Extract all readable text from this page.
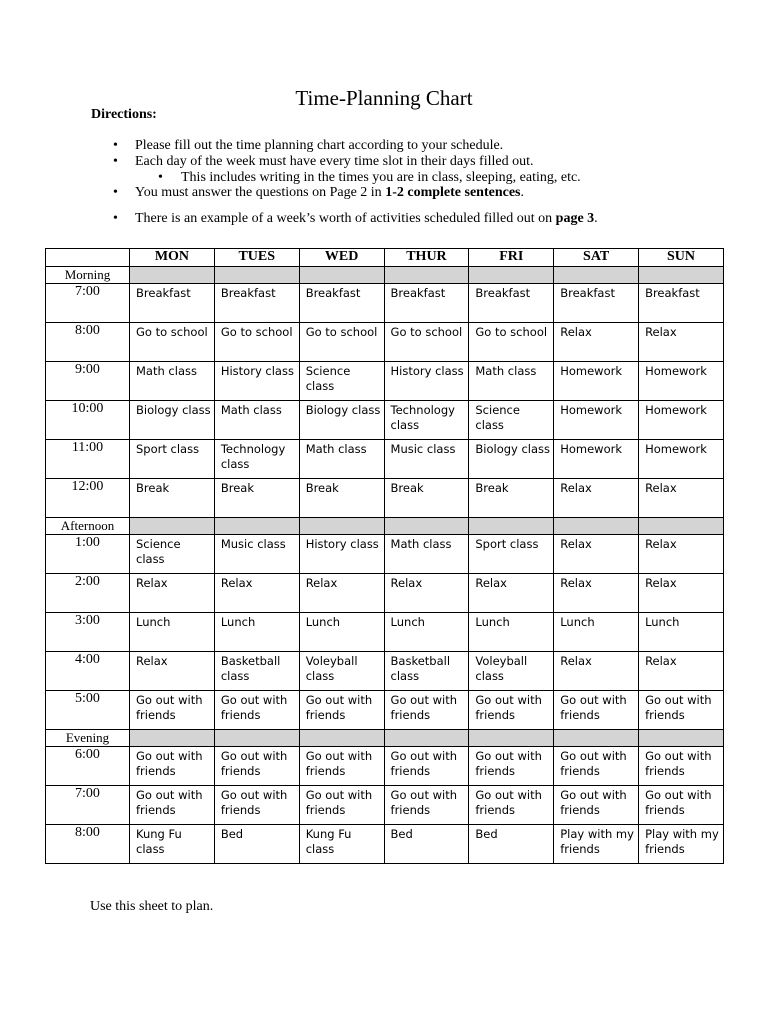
Time-Planning Chart
Directions:
• Please fill out the time planning chart according to your schedule.
• Each day of the week must have every time slot in their days filled out.
• This includes writing in the times you are in class, sleeping, eating, etc.
• You must answer the questions on Page 2 in 1-2 complete sentences.
• There is an example of a week’s worth of activities scheduled filled out on page 3.
	MON	TUES	WED	THUR	FRI	SAT	SUN
Morning							
7:00	Breakfast	Breakfast	Breakfast	Breakfast	Breakfast	Breakfast	Breakfast
8:00	Go to school	Go to school	Go to school	Go to school	Go to school	Relax	Relax
9:00	Math class	History class	Science class	History class	Math class	Homework	Homework
10:00	Biology class	Math class	Biology class	Technology class	Science class	Homework	Homework
11:00	Sport class	Technology class	Math class	Music class	Biology class	Homework	Homework
12:00	Break	Break	Break	Break	Break	Relax	Relax
Afternoon							
1:00	Science class	Music class	History class	Math class	Sport class	Relax	Relax
2:00	Relax	Relax	Relax	Relax	Relax	Relax	Relax
3:00	Lunch	Lunch	Lunch	Lunch	Lunch	Lunch	Lunch
4:00	Relax	Basketball class	Voleyball class	Basketball class	Voleyball class	Relax	Relax
5:00	Go out with friends	Go out with friends	Go out with friends	Go out with friends	Go out with friends	Go out with friends	Go out with friends
Evening							
6:00	Go out with friends	Go out with friends	Go out with friends	Go out with friends	Go out with friends	Go out with friends	Go out with friends
7:00	Go out with friends	Go out with friends	Go out with friends	Go out with friends	Go out with friends	Go out with friends	Go out with friends
8:00	Kung Fu class	Bed	Kung Fu class	Bed	Bed	Play with my friends	Play with my friends
Use this sheet to plan.
